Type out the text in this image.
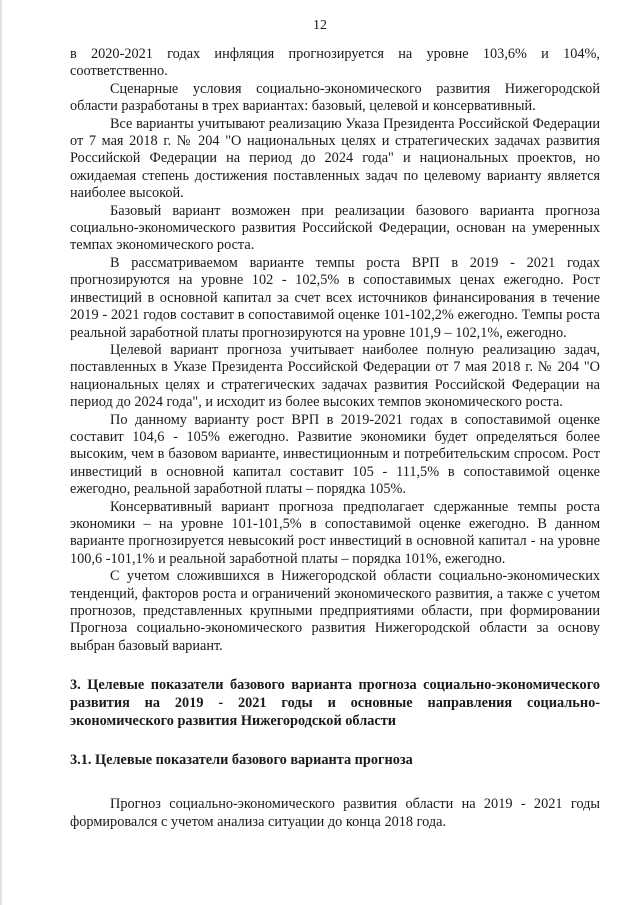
12

в 2020-2021 годах инфляция прогнозируется на уровне 103,6% и 104%, соответственно.

Сценарные условия социально-экономического развития Нижегородской области разработаны в трех вариантах: базовый, целевой и консервативный.

Все варианты учитывают реализацию Указа Президента Российской Федерации от 7 мая 2018 г. № 204 "О национальных целях и стратегических задачах развития Российской Федерации на период до 2024 года" и национальных проектов, но ожидаемая степень достижения поставленных задач по целевому варианту является наиболее высокой.

Базовый вариант возможен при реализации базового варианта прогноза социально-экономического развития Российской Федерации, основан на умеренных темпах экономического роста.

В рассматриваемом варианте темпы роста ВРП в 2019 - 2021 годах прогнозируются на уровне 102 - 102,5% в сопоставимых ценах ежегодно. Рост инвестиций в основной капитал за счет всех источников финансирования в течение 2019 - 2021 годов составит в сопоставимой оценке 101-102,2% ежегодно. Темпы роста реальной заработной платы прогнозируются на уровне 101,9 – 102,1%, ежегодно.

Целевой вариант прогноза учитывает наиболее полную реализацию задач, поставленных в Указе Президента Российской Федерации от 7 мая 2018 г. № 204 "О национальных целях и стратегических задачах развития Российской Федерации на период до 2024 года", и исходит из более высоких темпов экономического роста.

По данному варианту рост ВРП в 2019-2021 годах в сопоставимой оценке составит 104,6 - 105% ежегодно. Развитие экономики будет определяться более высоким, чем в базовом варианте, инвестиционным и потребительским спросом. Рост инвестиций в основной капитал составит 105 - 111,5% в сопоставимой оценке ежегодно, реальной заработной платы – порядка 105%.

Консервативный вариант прогноза предполагает сдержанные темпы роста экономики – на уровне 101-101,5% в сопоставимой оценке ежегодно. В данном варианте прогнозируется невысокий рост инвестиций в основной капитал - на уровне 100,6 -101,1% и реальной заработной платы – порядка 101%, ежегодно.

С учетом сложившихся в Нижегородской области социально-экономических тенденций, факторов роста и ограничений экономического развития, а также с учетом прогнозов, представленных крупными предприятиями области, при формировании Прогноза социально-экономического развития Нижегородской области за основу выбран базовый вариант.

3. Целевые показатели базового варианта прогноза социально-экономического развития на 2019 - 2021 годы и основные направления социально-экономического развития Нижегородской области

3.1. Целевые показатели базового варианта прогноза

Прогноз социально-экономического развития области на 2019 - 2021 годы формировался с учетом анализа ситуации до конца 2018 года.
